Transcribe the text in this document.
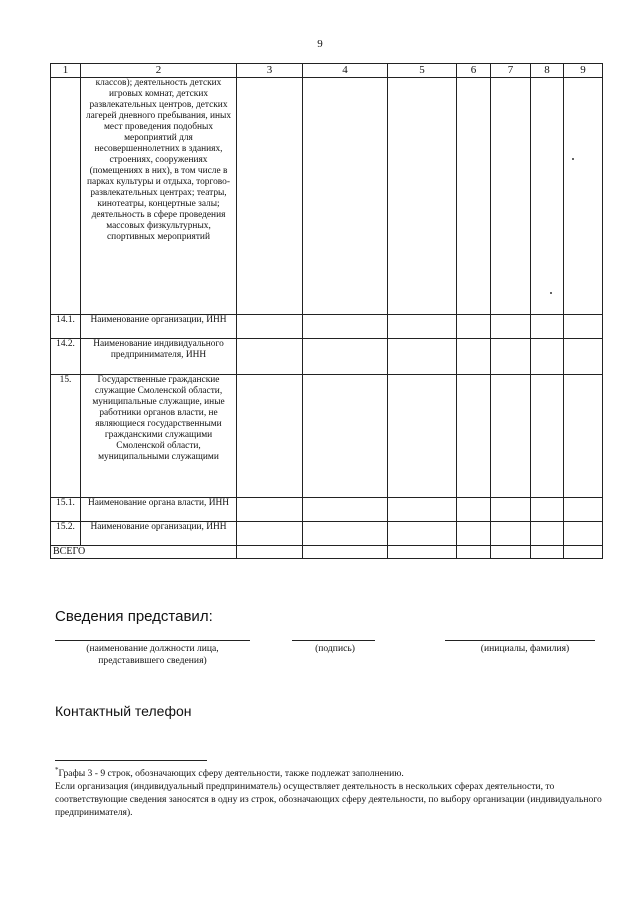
9
1	2	3	4	5	6	7	8	9
	классов); деятельность детских игровых комнат, детских развлекательных центров, детских лагерей дневного пребывания, иных мест проведения подобных мероприятий для несовершеннолетних в зданиях, строениях, сооружениях (помещениях в них), в том числе в парках культуры и отдыха, торгово-развлекательных центрах; театры, кинотеатры, концертные залы; деятельность в сфере проведения массовых физкультурных, спортивных мероприятий							
14.1.	Наименование организации, ИНН							
14.2.	Наименование индивидуального предпринимателя, ИНН							
15.	Государственные гражданские служащие Смоленской области, муниципальные служащие, иные работники органов власти, не являющиеся государственными гражданскими служащими Смоленской области, муниципальными служащими							
15.1.	Наименование органа власти, ИНН							
15.2.	Наименование организации, ИНН							
ВСЕГО								
Сведения представил:
(наименование должности лица, представившего сведения)
(подпись)	(инициалы, фамилия)
Контактный телефон
*Графы 3 - 9 строк, обозначающих сферу деятельности, также подлежат заполнению.
Если организация (индивидуальный предприниматель) осуществляет деятельность в нескольких сферах деятельности, то соответствующие сведения заносятся в одну из строк, обозначающих сферу деятельности, по выбору организации (индивидуального предпринимателя).
